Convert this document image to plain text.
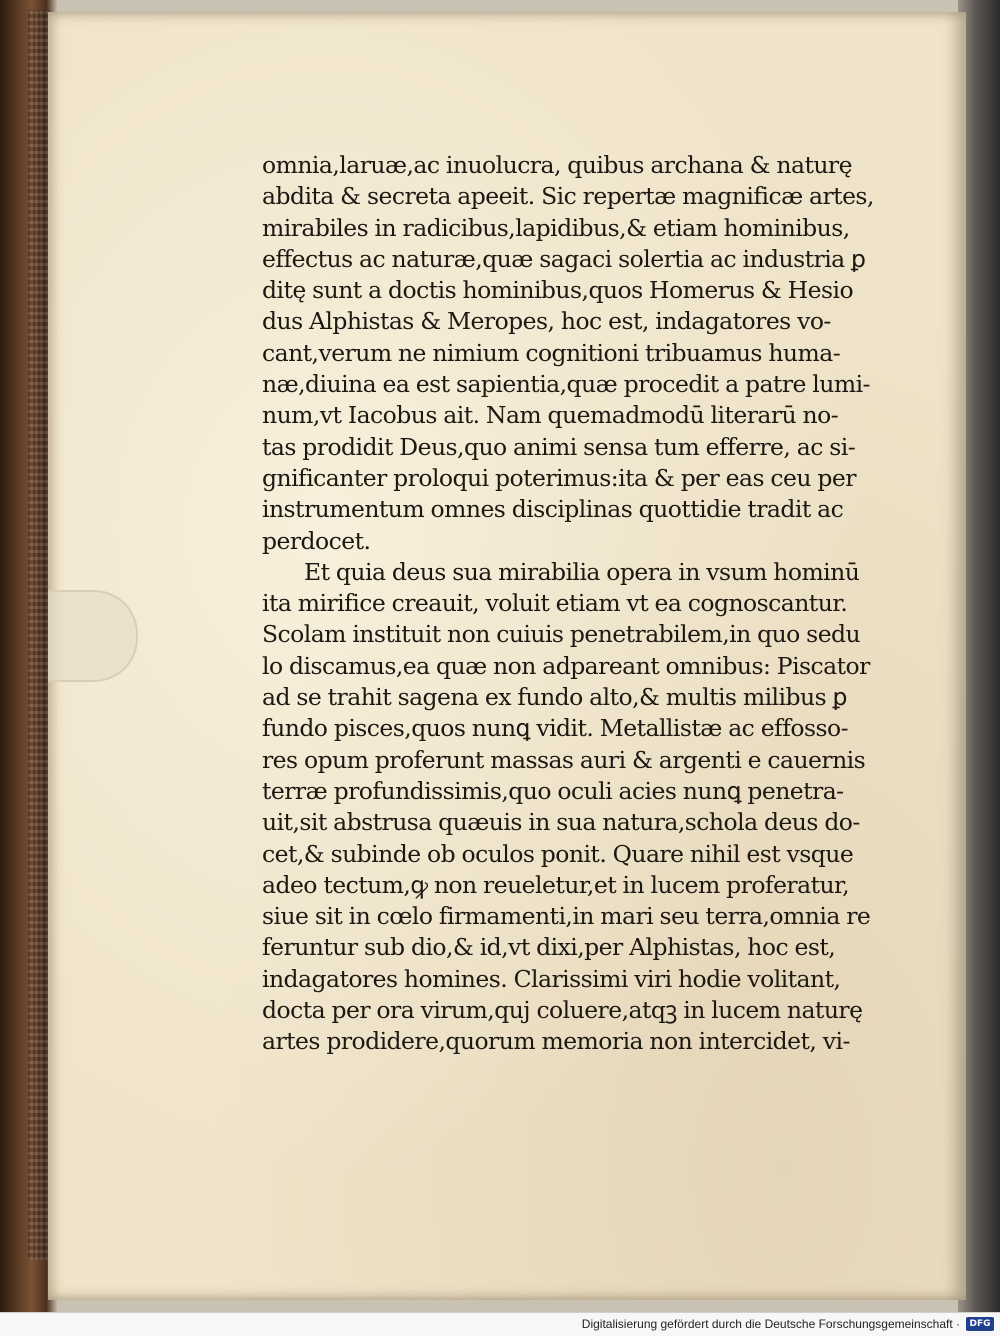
omnia,laruæ,ac inuolucra, quibus archana & naturę
abdita & secreta apeeit. Sic repertæ magnificæ artes,
mirabiles in radicibus,lapidibus,& etiam hominibus,
effectus ac naturæ,quæ sagaci solertia ac industria ꝑ
ditę sunt a doctis hominibus,quos Homerus & Hesio
dus Alphistas & Meropes, hoc est, indagatores vo-
cant,verum ne nimium cognitioni tribuamus huma-
næ,diuina ea est sapientia,quæ procedit a patre lumi-
num,vt Iacobus ait. Nam quemadmodū literarū no-
tas prodidit Deus,quo animi sensa tum efferre, ac si-
gnificanter proloqui poterimus:ita & per eas ceu per
instrumentum omnes disciplinas quottidie tradit ac
perdocet.
Et quia deus sua mirabilia opera in vsum hominū
ita mirifice creauit, voluit etiam vt ea cognoscantur.
Scolam instituit non cuiuis penetrabilem,in quo sedu
lo discamus,ea quæ non adpareant omnibus: Piscator
ad se trahit sagena ex fundo alto,& multis milibus ꝑ
fundo pisces,quos nunꝗ vidit. Metallistæ ac effosso-
res opum proferunt massas auri & argenti e cauernis
terræ profundissimis,quo oculi acies nunꝗ penetra-
uit,sit abstrusa quæuis in sua natura,schola deus do-
cet,& subinde ob oculos ponit. Quare nihil est vsque
adeo tectum,ꝙ non reueletur,et in lucem proferatur,
siue sit in cœlo firmamenti,in mari seu terra,omnia re
feruntur sub dio,& id,vt dixi,per Alphistas, hoc est,
indagatores homines. Clarissimi viri hodie volitant,
docta per ora virum,quj coluere,atqꝫ in lucem naturę
artes prodidere,quorum memoria non intercidet, vi-
Digitalisierung gefördert durch die Deutsche Forschungsgemeinschaft ·	DFG
